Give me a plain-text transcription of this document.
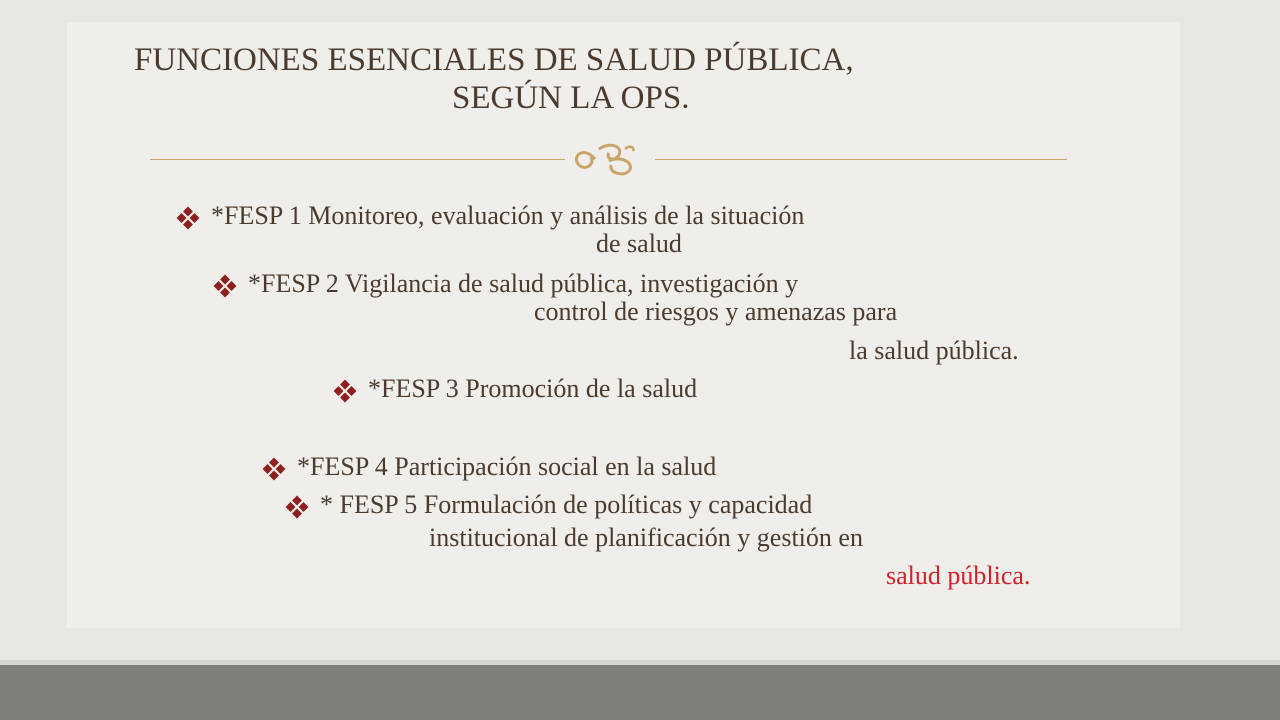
FUNCIONES ESENCIALES DE SALUD PÚBLICA,
SEGÚN LA OPS.
*FESP 1 Monitoreo, evaluación y análisis de la situación
de salud
*FESP 2 Vigilancia de salud pública, investigación y
control de riesgos y amenazas para
la salud pública.
*FESP 3 Promoción de la salud
*FESP 4 Participación social en la salud
* FESP 5 Formulación de políticas y capacidad
institucional de planificación y gestión en
salud pública.
